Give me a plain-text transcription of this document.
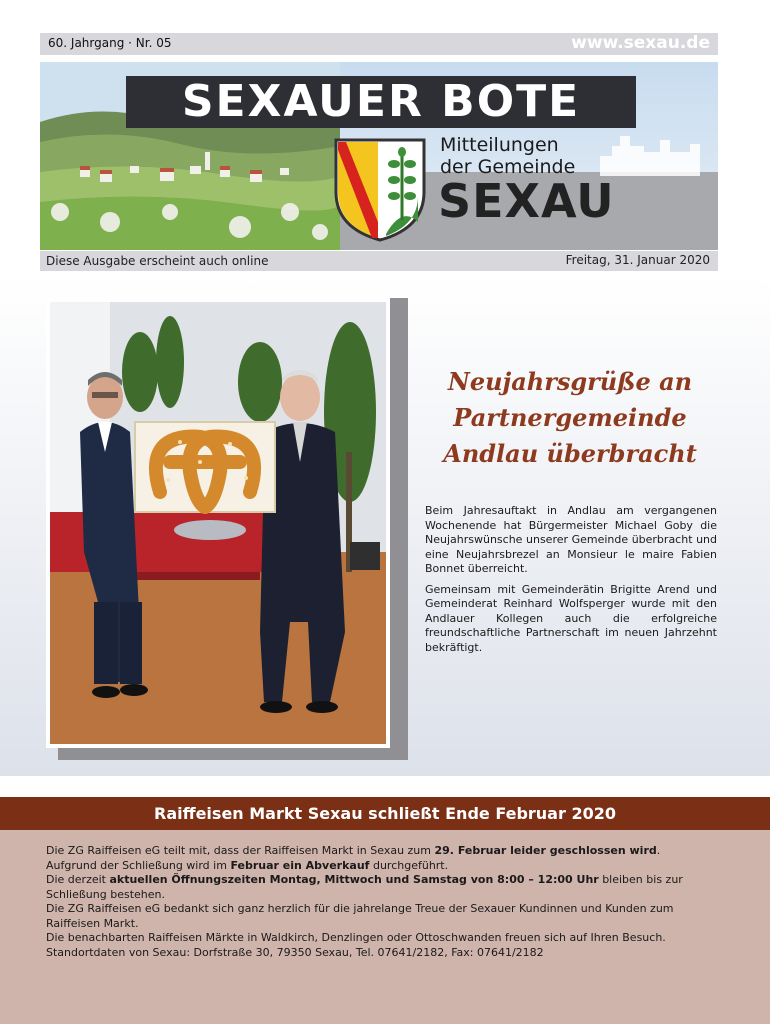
60. Jahrgang · Nr. 05	www.sexau.de
SEXAUER BOTE
Mitteilungen
der Gemeinde
SEXAU
Diese Ausgabe erscheint auch online	Freitag, 31. Januar 2020
Neujahrsgrüße an
Partnergemeinde
Andlau überbracht

Beim Jahresauftakt in Andlau am vergangenen Wochenende hat Bürgermeister Michael Goby die Neujahrswünsche unserer Gemeinde überbracht und eine Neujahrsbrezel an Monsieur le maire Fabien Bonnet überreicht.

Gemeinsam mit Gemeinderätin Brigitte Arend und Gemeinderat Reinhard Wolfsperger wurde mit den Andlauer Kollegen auch die erfolgreiche freundschaftliche Partnerschaft im neuen Jahrzehnt bekräftigt.

Raiffeisen Markt Sexau schließt Ende Februar 2020
Die ZG Raiffeisen eG teilt mit, dass der Raiffeisen Markt in Sexau zum 29. Februar leider geschlossen wird.
Aufgrund der Schließung wird im Februar ein Abverkauf durchgeführt.
Die derzeit aktuellen Öffnungszeiten Montag, Mittwoch und Samstag von 8:00 – 12:00 Uhr bleiben bis zur Schließung bestehen.
Die ZG Raiffeisen eG bedankt sich ganz herzlich für die jahrelange Treue der Sexauer Kundinnen und Kunden zum Raiffeisen Markt.
Die benachbarten Raiffeisen Märkte in Waldkirch, Denzlingen oder Ottoschwanden freuen sich auf Ihren Besuch.
Standortdaten von Sexau: Dorfstraße 30, 79350 Sexau, Tel. 07641/2182, Fax: 07641/2182
